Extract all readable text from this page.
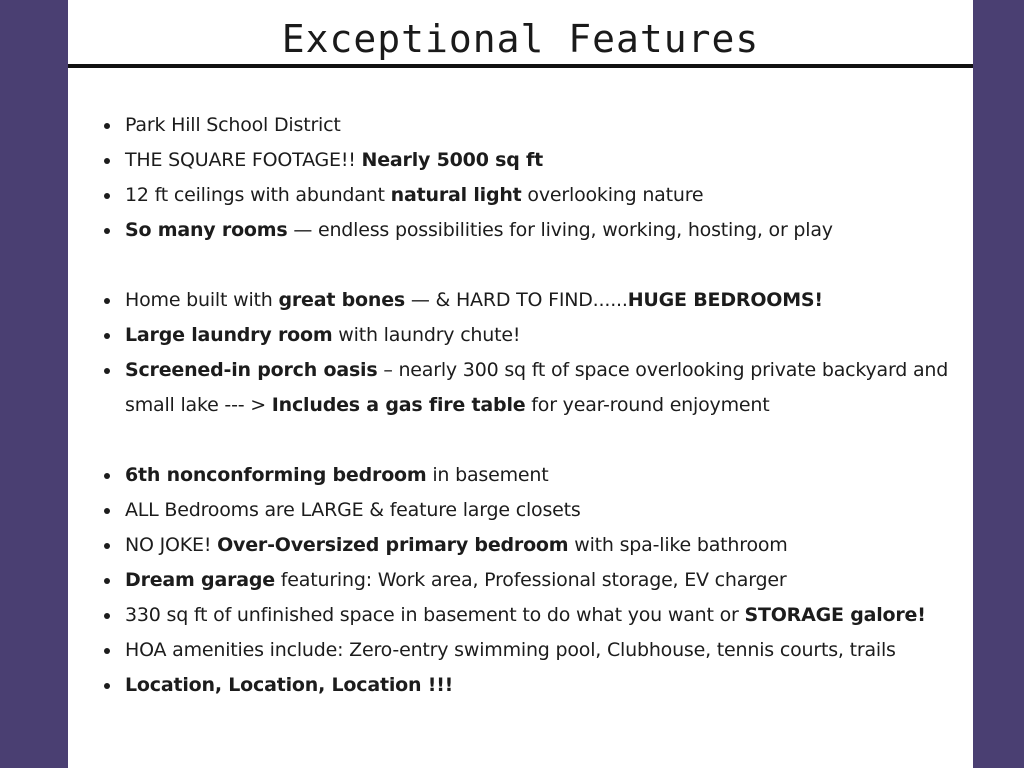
Exceptional Features
Park Hill School District
THE SQUARE FOOTAGE!! Nearly 5000 sq ft
12 ft ceilings with abundant natural light overlooking nature
So many rooms — endless possibilities for living, working, hosting, or play
Home built with great bones — & HARD TO FIND......HUGE BEDROOMS!
Large laundry room with laundry chute!
Screened-in porch oasis – nearly 300 sq ft of space overlooking private backyard and small lake --- > Includes a gas fire table for year-round enjoyment
6th nonconforming bedroom in basement
ALL Bedrooms are LARGE & feature large closets
NO JOKE! Over-Oversized primary bedroom with spa-like bathroom
Dream garage featuring: Work area, Professional storage, EV charger
330 sq ft of unfinished space in basement to do what you want or STORAGE galore!
HOA amenities include: Zero-entry swimming pool, Clubhouse, tennis courts, trails
Location, Location, Location !!!
